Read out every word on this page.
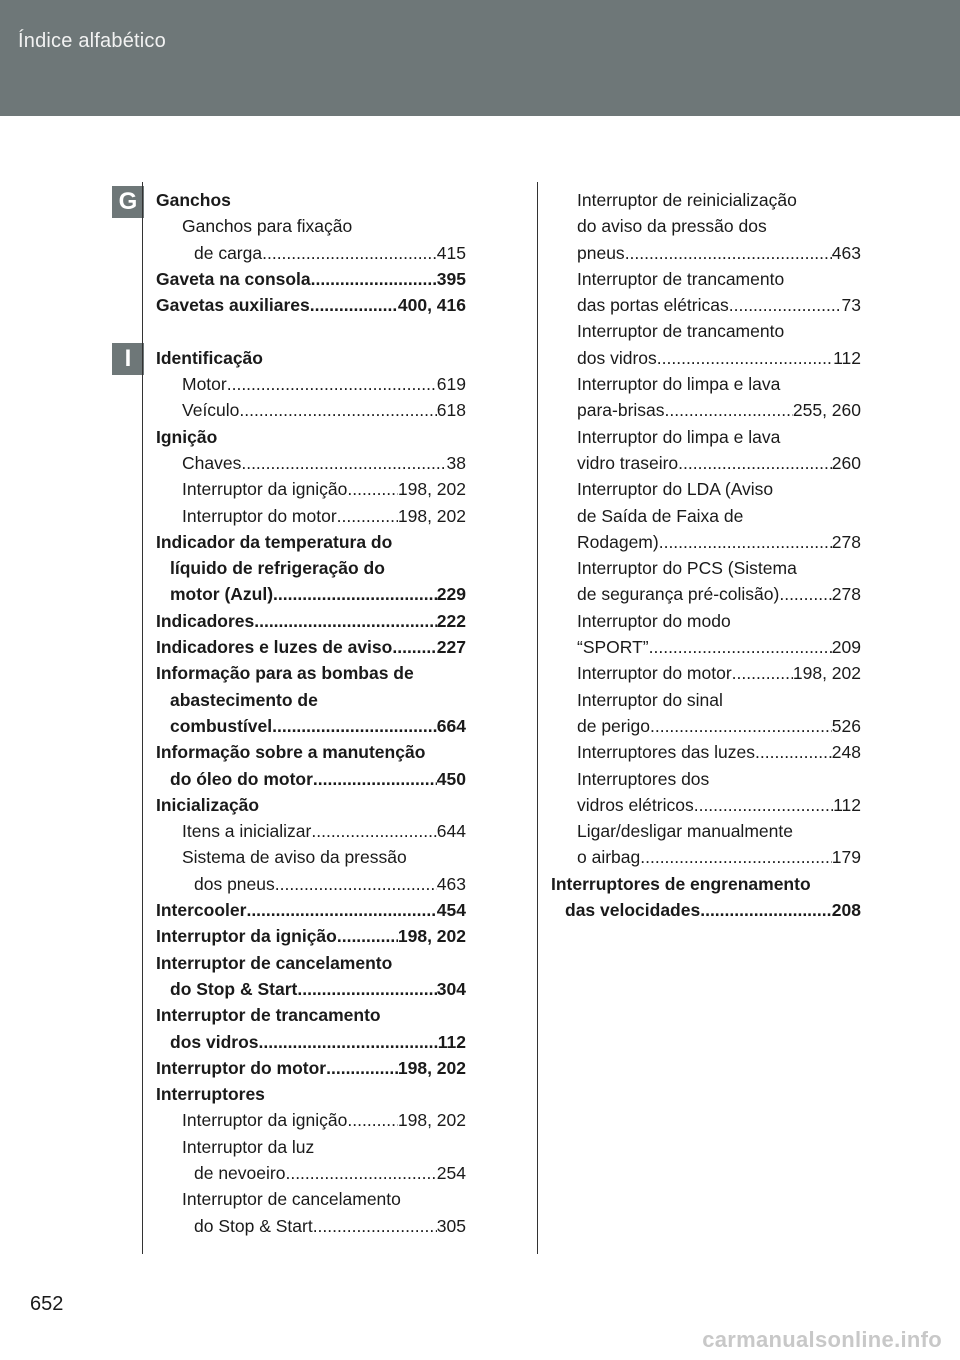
Índice alfabético
G
I
Ganchos
Ganchos para fixação
de carga .....	415
Gaveta na consola .....	395
Gavetas auxiliares .....	400, 416
Identificação
Motor .....	619
Veículo .....	618
Ignição
Chaves .....	38
Interruptor da ignição .....	198, 202
Interruptor do motor .....	198, 202
Indicador da temperatura do
líquido de refrigeração do
motor (Azul) .....	229
Indicadores .....	222
Indicadores e luzes de aviso .....	227
Informação para as bombas de
abastecimento de
combustível .....	664
Informação sobre a manutenção
do óleo do motor .....	450
Inicialização
Itens a inicializar .....	644
Sistema de aviso da pressão
dos pneus .....	463
Intercooler .....	454
Interruptor da ignição .....	198, 202
Interruptor de cancelamento
do Stop & Start .....	304
Interruptor de trancamento
dos vidros .....	112
Interruptor do motor .....	198, 202
Interruptores
Interruptor da ignição .....	198, 202
Interruptor da luz
de nevoeiro .....	254
Interruptor de cancelamento
do Stop & Start .....	305
Interruptor de reinicialização
do aviso da pressão dos
pneus .....	463
Interruptor de trancamento
das portas elétricas .....	73
Interruptor de trancamento
dos vidros .....	112
Interruptor do limpa e lava
para-brisas .....	255, 260
Interruptor do limpa e lava
vidro traseiro .....	260
Interruptor do LDA (Aviso
de Saída de Faixa de
Rodagem) .....	278
Interruptor do PCS (Sistema
de segurança pré-colisão) .....	278
Interruptor do modo
“SPORT” .....	209
Interruptor do motor .....	198, 202
Interruptor do sinal
de perigo .....	526
Interruptores das luzes .....	248
Interruptores dos
vidros elétricos .....	112
Ligar/desligar manualmente
o airbag .....	179
Interruptores de engrenamento
das velocidades .....	208
652
carmanualsonline.info
